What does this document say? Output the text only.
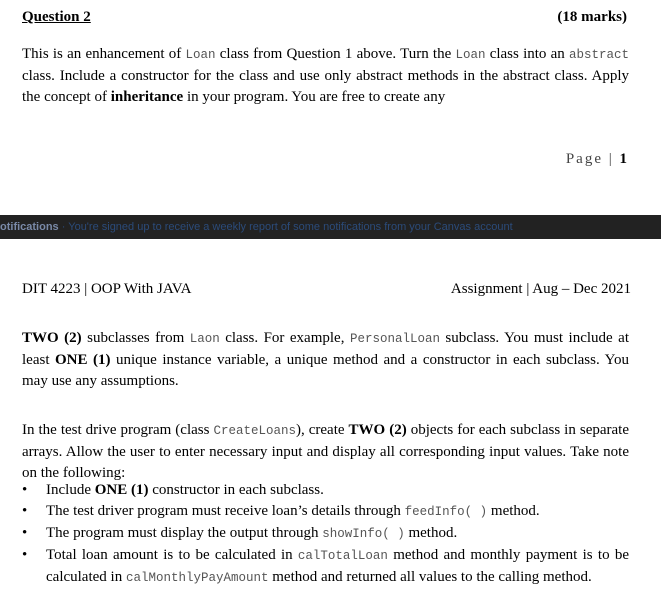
Question 2	(18 marks)
This is an enhancement of Loan class from Question 1 above. Turn the Loan class into an abstract class. Include a constructor for the class and use only abstract methods in the abstract class. Apply the concept of inheritance in your program. You are free to create any
Page | 1
otifications · You're signed up to receive a weekly report of some notifications from your Canvas account
DIT 4223 | OOP With JAVA	Assignment | Aug – Dec 2021
TWO (2) subclasses from Laon class. For example, PersonalLoan subclass. You must include at least ONE (1) unique instance variable, a unique method and a constructor in each subclass. You may use any assumptions.
In the test drive program (class CreateLoans), create TWO (2) objects for each subclass in separate arrays. Allow the user to enter necessary input and display all corresponding input values. Take note on the following:
• Include ONE (1) constructor in each subclass.
• The test driver program must receive loan’s details through feedInfo( ) method.
• The program must display the output through showInfo( ) method.
• Total loan amount is to be calculated in calTotalLoan method and monthly payment is to be calculated in calMonthlyPayAmount method and returned all values to the calling method.
